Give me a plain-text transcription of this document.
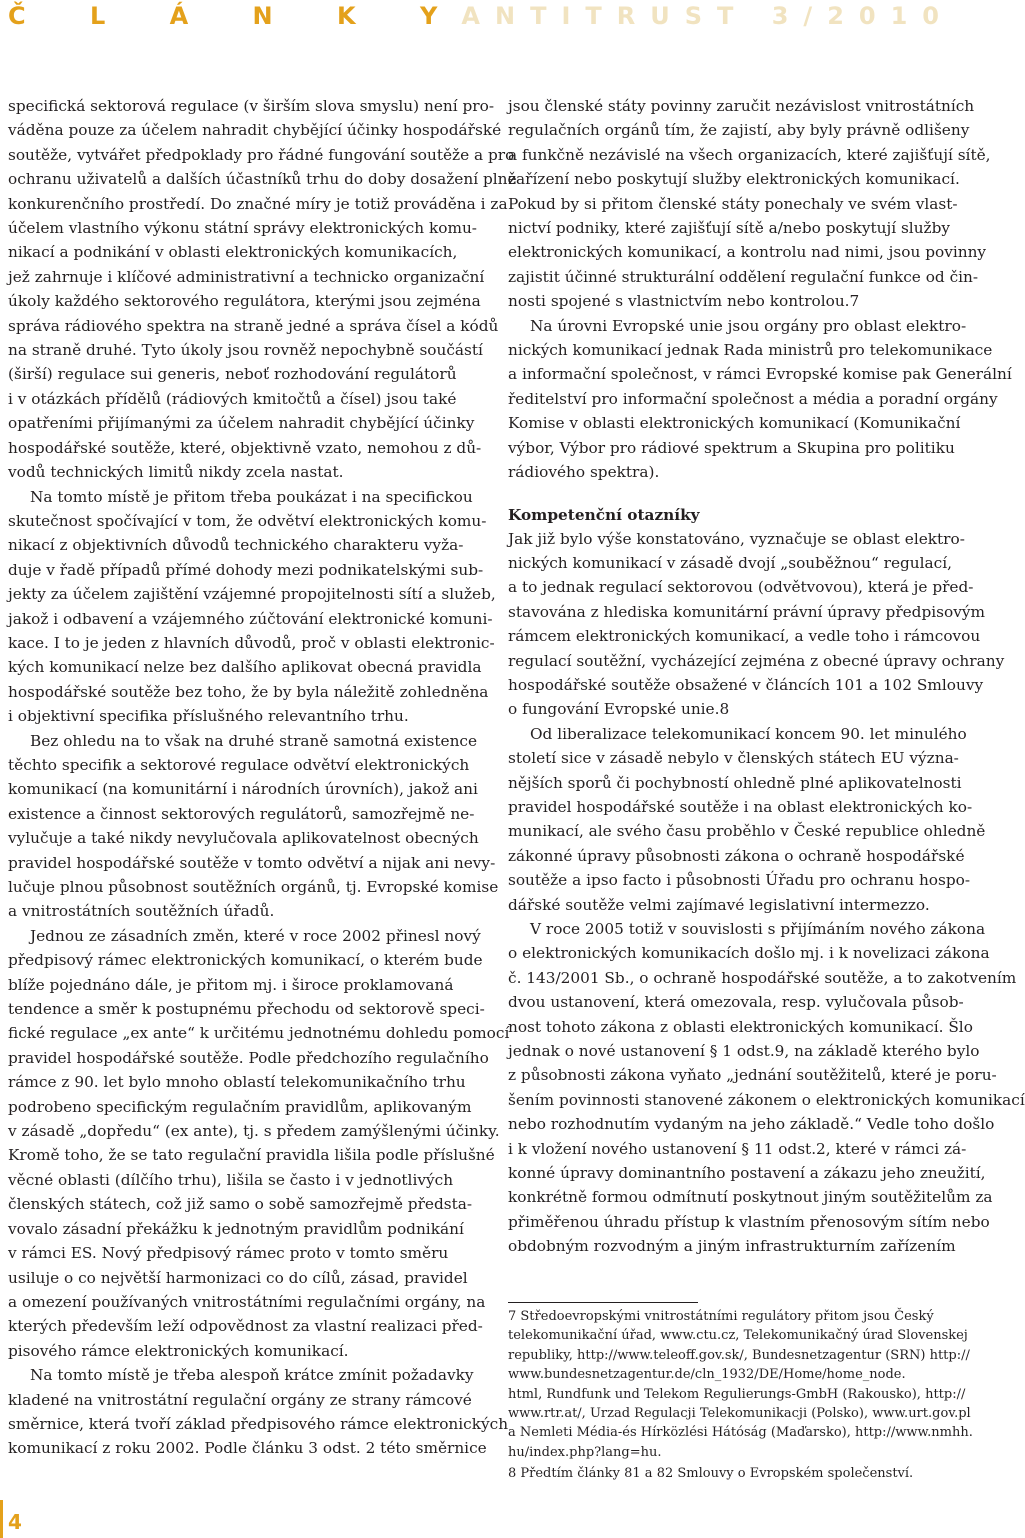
Č L Á N K Y
ANTITRUST 3/2010

specifická sektorová regulace (v širším slova smyslu) není pro-

váděna pouze za účelem nahradit chybějící účinky hospodářské

soutěže, vytvářet předpoklady pro řádné fungování soutěže a pro

ochranu uživatelů a dalších účastníků trhu do doby dosažení plně

konkurenčního prostředí. Do značné míry je totiž prováděna i za

účelem vlastního výkonu státní správy elektronických komu-

nikací a podnikání v oblasti elektronických komunikacích,

jež zahrnuje i klíčové administrativní a technicko organizační

úkoly každého sektorového regulátora, kterými jsou zejména

správa rádiového spektra na straně jedné a správa čísel a kódů

na straně druhé. Tyto úkoly jsou rovněž nepochybně součástí

(širší) regulace sui generis, neboť rozhodování regulátorů

i v otázkách přídělů (rádiových kmitočtů a čísel) jsou také

opatřeními přijímanými za účelem nahradit chybějící účinky

hospodářské soutěže, které, objektivně vzato, nemohou z dů-

vodů technických limitů nikdy zcela nastat.

Na tomto místě je přitom třeba poukázat i na specifickou

skutečnost spočívající v tom, že odvětví elektronických komu-

nikací z objektivních důvodů technického charakteru vyža-

duje v řadě případů přímé dohody mezi podnikatelskými sub-

jekty za účelem zajištění vzájemné propojitelnosti sítí a služeb,

jakož i odbavení a vzájemného zúčtování elektronické komuni-

kace. I to je jeden z hlavních důvodů, proč v oblasti elektronic-

kých komunikací nelze bez dalšího aplikovat obecná pravidla

hospodářské soutěže bez toho, že by byla náležitě zohledněna

i objektivní specifika příslušného relevantního trhu.

Bez ohledu na to však na druhé straně samotná existence

těchto specifik a sektorové regulace odvětví elektronických

komunikací (na komunitární i národních úrovních), jakož ani

existence a činnost sektorových regulátorů, samozřejmě ne-

vylučuje a také nikdy nevylučovala aplikovatelnost obecných

pravidel hospodářské soutěže v tomto odvětví a nijak ani nevy-

lučuje plnou působnost soutěžních orgánů, tj. Evropské komise

a vnitrostátních soutěžních úřadů.

Jednou ze zásadních změn, které v roce 2002 přinesl nový

předpisový rámec elektronických komunikací, o kterém bude

blíže pojednáno dále, je přitom mj. i široce proklamovaná

tendence a směr k postupnému přechodu od sektorově speci-

fické regulace „ex ante“ k určitému jednotnému dohledu pomocí

pravidel hospodářské soutěže. Podle předchozího regulačního

rámce z 90. let bylo mnoho oblastí telekomunikačního trhu

podrobeno specifickým regulačním pravidlům, aplikovaným

v zásadě „dopředu“ (ex ante), tj. s předem zamýšlenými účinky.

Kromě toho, že se tato regulační pravidla lišila podle příslušné

věcné oblasti (dílčího trhu), lišila se často i v jednotlivých

členských státech, což již samo o sobě samozřejmě předsta-

vovalo zásadní překážku k jednotným pravidlům podnikání

v rámci ES. Nový předpisový rámec proto v tomto směru

usiluje o co největší harmonizaci co do cílů, zásad, pravidel

a omezení používaných vnitrostátními regulačními orgány, na

kterých především leží odpovědnost za vlastní realizaci před-

pisového rámce elektronických komunikací.

Na tomto místě je třeba alespoň krátce zmínit požadavky

kladené na vnitrostátní regulační orgány ze strany rámcové

směrnice, která tvoří základ předpisového rámce elektronických

komunikací z roku 2002. Podle článku 3 odst. 2 této směrnice

jsou členské státy povinny zaručit nezávislost vnitrostátních

regulačních orgánů tím, že zajistí, aby byly právně odlišeny

a funkčně nezávislé na všech organizacích, které zajišťují sítě,

zařízení nebo poskytují služby elektronických komunikací.

Pokud by si přitom členské státy ponechaly ve svém vlast-

nictví podniky, které zajišťují sítě a/nebo poskytují služby

elektronických komunikací, a kontrolu nad nimi, jsou povinny

zajistit účinné strukturální oddělení regulační funkce od čin-

nosti spojené s vlastnictvím nebo kontrolou.7

Na úrovni Evropské unie jsou orgány pro oblast elektro-

nických komunikací jednak Rada ministrů pro telekomunikace

a informační společnost, v rámci Evropské komise pak Generální

ředitelství pro informační společnost a média a poradní orgány

Komise v oblasti elektronických komunikací (Komunikační

výbor, Výbor pro rádiové spektrum a Skupina pro politiku

rádiového spektra).

Kompetenční otazníky

Jak již bylo výše konstatováno, vyznačuje se oblast elektro-

nických komunikací v zásadě dvojí „souběžnou“ regulací,

a to jednak regulací sektorovou (odvětvovou), která je před-

stavována z hlediska komunitární právní úpravy předpisovým

rámcem elektronických komunikací, a vedle toho i rámcovou

regulací soutěžní, vycházející zejména z obecné úpravy ochrany

hospodářské soutěže obsažené v článcích 101 a 102 Smlouvy

o fungování Evropské unie.8

Od liberalizace telekomunikací koncem 90. let minulého

století sice v zásadě nebylo v členských státech EU význa-

nějších sporů či pochybností ohledně plné aplikovatelnosti

pravidel hospodářské soutěže i na oblast elektronických ko-

munikací, ale svého času proběhlo v České republice ohledně

zákonné úpravy působnosti zákona o ochraně hospodářské

soutěže a ipso facto i působnosti Úřadu pro ochranu hospo-

dářské soutěže velmi zajímavé legislativní intermezzo.

V roce 2005 totiž v souvislosti s přijímáním nového zákona

o elektronických komunikacích došlo mj. i k novelizaci zákona

č. 143/2001 Sb., o ochraně hospodářské soutěže, a to zakotvením

dvou ustanovení, která omezovala, resp. vylučovala působ-

nost tohoto zákona z oblasti elektronických komunikací. Šlo

jednak o nové ustanovení § 1 odst.9, na základě kterého bylo

z působnosti zákona vyňato „jednání soutěžitelů, které je poru-

šením povinnosti stanovené zákonem o elektronických komunikací

nebo rozhodnutím vydaným na jeho základě.“ Vedle toho došlo

i k vložení nového ustanovení § 11 odst.2, které v rámci zá-

konné úpravy dominantního postavení a zákazu jeho zneužití,

konkrétně formou odmítnutí poskytnout jiným soutěžitelům za

přiměřenou úhradu přístup k vlastním přenosovým sítím nebo

obdobným rozvodným a jiným infrastrukturním zařízením

7 Středoevropskými vnitrostátními regulátory přitom jsou Český
telekomunikační úřad, www.ctu.cz, Telekomunikačný úrad Slovenskej
republiky, http://www.teleoff.gov.sk/, Bundesnetzagentur (SRN) http://
www.bundesnetzagentur.de/cln_1932/DE/Home/home_node.
html, Rundfunk und Telekom Regulierungs-GmbH (Rakousko), http://
www.rtr.at/, Urzad Regulacji Telekomunikacji (Polsko), www.urt.gov.pl
a Nemleti Média-és Hírközlési Hátóság (Maďarsko), http://www.nmhh.
hu/index.php?lang=hu.
8 Předtím články 81 a 82 Smlouvy o Evropském společenství.
4
